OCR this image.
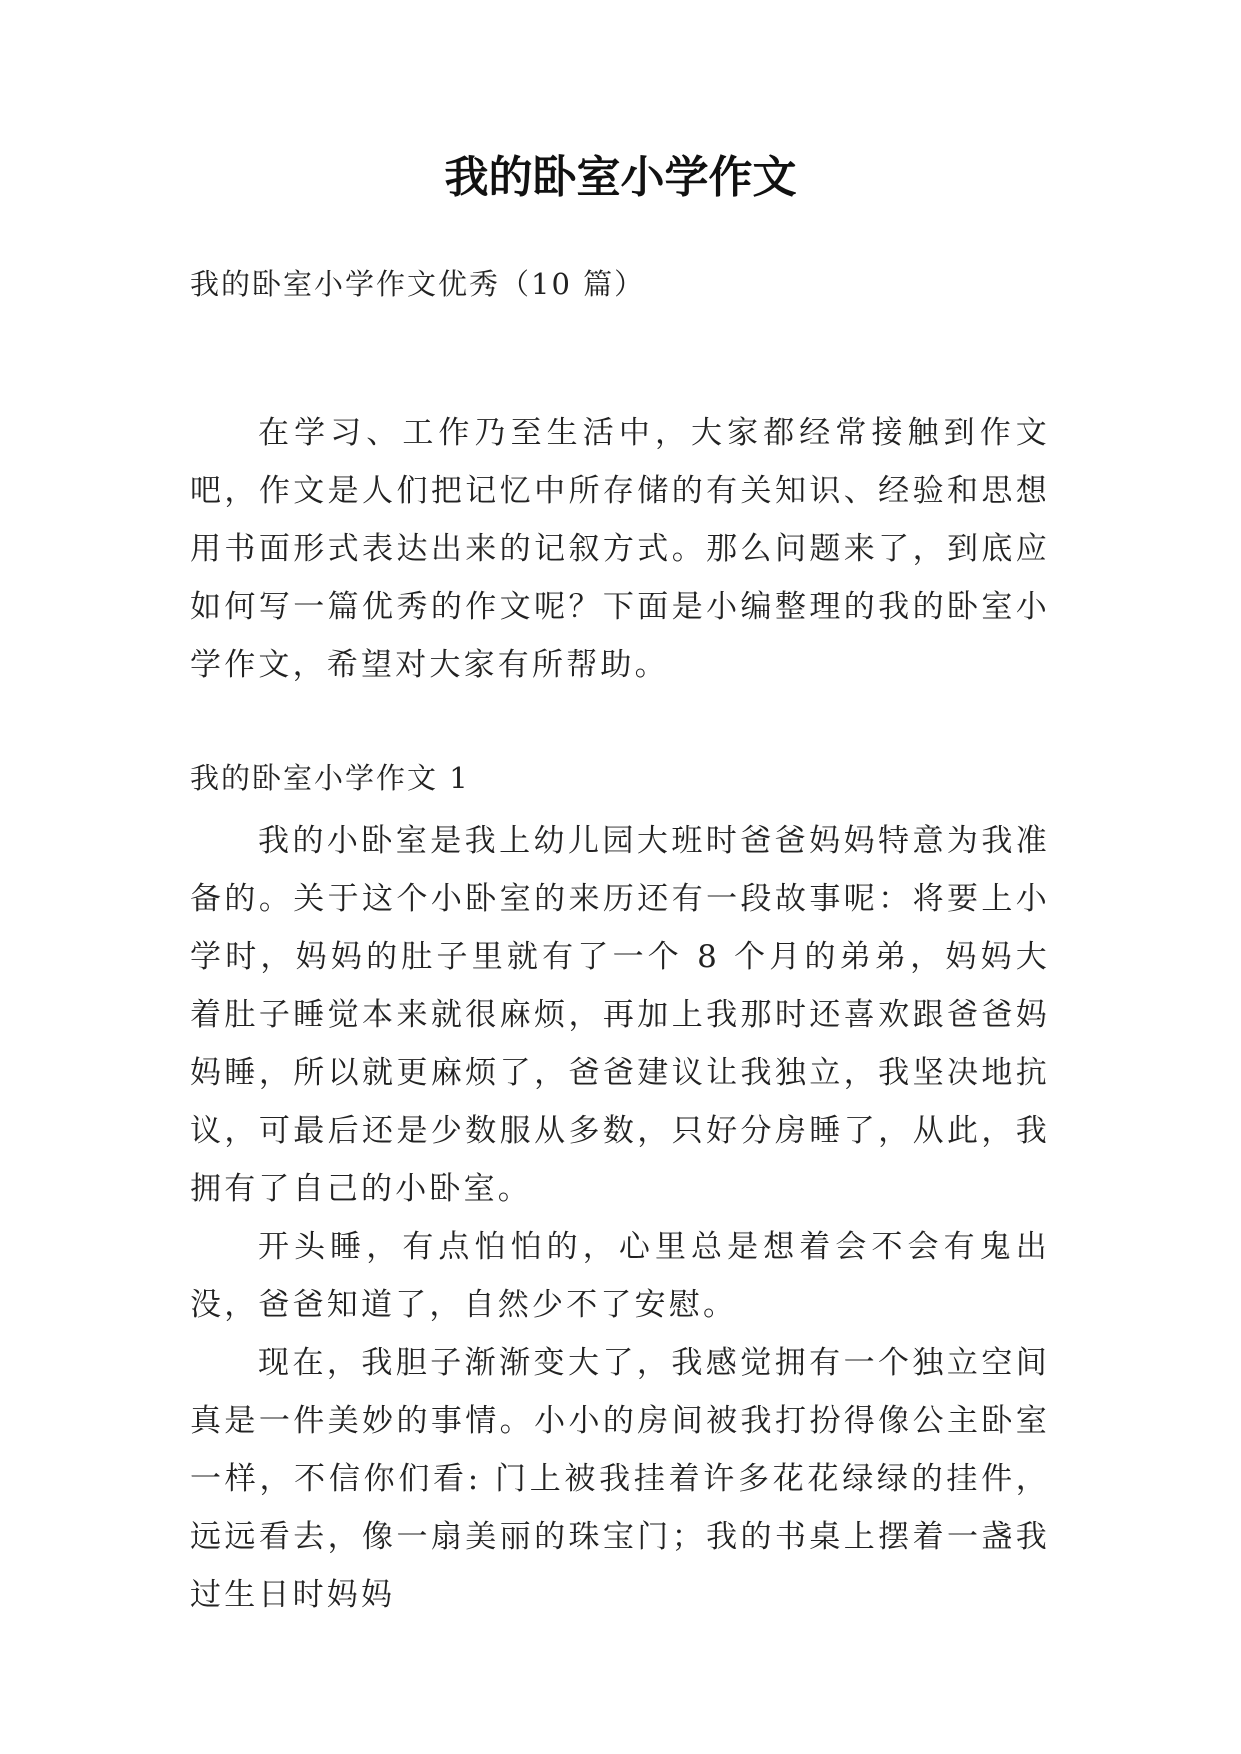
我的卧室小学作文

我的卧室小学作文优秀（10 篇）

在学习、工作乃至生活中，大家都经常接触到作文吧，作文是人们把记忆中所存储的有关知识、经验和思想用书面形式表达出来的记叙方式。那么问题来了，到底应如何写一篇优秀的作文呢？下面是小编整理的我的卧室小学作文，希望对大家有所帮助。

我的卧室小学作文 1

我的小卧室是我上幼儿园大班时爸爸妈妈特意为我准备的。关于这个小卧室的来历还有一段故事呢：将要上小学时，妈妈的肚子里就有了一个 8 个月的弟弟，妈妈大着肚子睡觉本来就很麻烦，再加上我那时还喜欢跟爸爸妈妈睡，所以就更麻烦了，爸爸建议让我独立，我坚决地抗议，可最后还是少数服从多数，只好分房睡了，从此，我拥有了自己的小卧室。

开头睡，有点怕怕的，心里总是想着会不会有鬼出没，爸爸知道了，自然少不了安慰。

现在，我胆子渐渐变大了，我感觉拥有一个独立空间真是一件美妙的事情。小小的房间被我打扮得像公主卧室一样，不信你们看: 门上被我挂着许多花花绿绿的挂件，远远看去，像一扇美丽的珠宝门；我的书桌上摆着一盏我过生日时妈妈
